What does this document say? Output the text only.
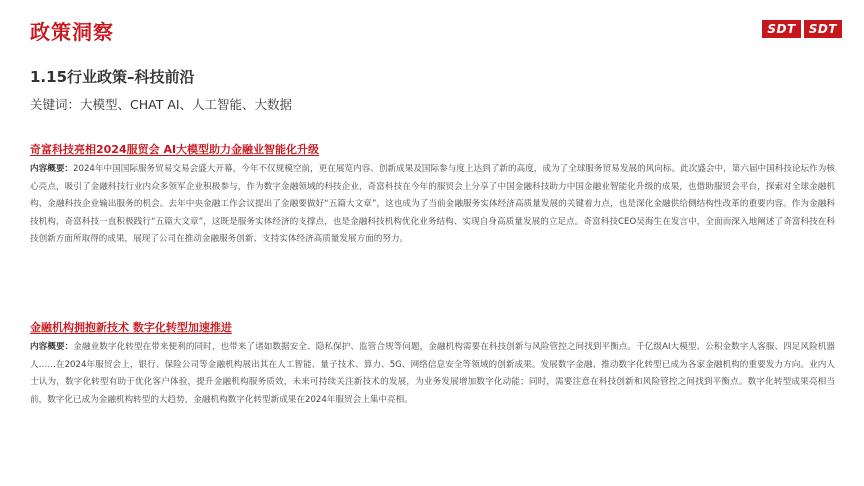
政策洞察	SDT	SDT
1.15行业政策–科技前沿
关键词：大模型、CHAT AI、人工智能、大数据
奇富科技亮相2024服贸会 AI大模型助力金融业智能化升级
内容概要：2024年中国国际服务贸易交易会盛大开幕，今年不仅规模空前，更在展览内容、创新成果及国际参与度上达到了新的高度，成为了全球服务贸易发展的风向标。此次盛会中，第六届中国科技论坛作为核心亮点，吸引了金融科技行业内众多领军企业积极参与，作为数字金融领域的科技企业，奇富科技在今年的服贸会上分享了中国金融科技助力中国金融业智能化升级的成果，也借助服贸会平台，探索对全球金融机构、金融科技企业输出服务的机会。去年中央金融工作会议提出了金融要做好“五篇大文章”，这也成为了当前金融服务实体经济高质量发展的关键着力点，也是深化金融供给侧结构性改革的重要内容。作为金融科技机构，奇富科技一直积极践行“五篇大文章”，这既是服务实体经济的支撑点，也是金融科技机构优化业务结构、实现自身高质量发展的立足点。奇富科技CEO吴海生在发言中，全面而深入地阐述了奇富科技在科技创新方面所取得的成果，展现了公司在推动金融服务创新、支持实体经济高质量发展方面的努力。
金融机构拥抱新技术 数字化转型加速推进
内容概要：金融业数字化转型在带来便利的同时，也带来了诸如数据安全、隐私保护、监管合规等问题，金融机构需要在科技创新与风险管控之间找到平衡点。千亿级AI大模型、公积金数字人客服、四足风险机器人……在2024年服贸会上，银行、保险公司等金融机构展出其在人工智能、量子技术、算力、5G、网络信息安全等领域的创新成果。发展数字金融、推动数字化转型已成为各家金融机构的重要发力方向。业内人士认为，数字化转型有助于优化客户体验，提升金融机构服务质效，未来可持续关注新技术的发展，为业务发展增加数字化动能；同时，需要注意在科技创新和风险管控之间找到平衡点。数字化转型成果亮相当前，数字化已成为金融机构转型的大趋势，金融机构数字化转型新成果在2024年服贸会上集中亮相。
